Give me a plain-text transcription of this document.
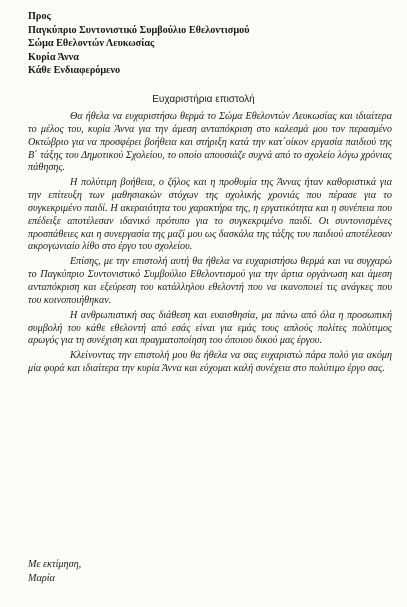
Προς
Παγκύπριο Συντονιστικό Συμβούλιο Εθελοντισμού
Σώμα Εθελοντών Λευκωσίας
Κυρία Άννα
Κάθε Ενδιαφερόμενο
Ευχαριστήρια επιστολή

Θα ήθελα να ευχαριστήσω θερμά το Σώμα Εθελοντών Λευκωσίας και ιδιαίτερα το μέλος του, κυρία Άννα για την άμεση ανταπόκριση στο καλεσμά μου τον περασμένο Οκτώβριο για να προσφέρει βοήθεια και στήριξη κατά την κατ΄οίκον εργασία παιδιού της Β΄ τάξης του Δημοτικού Σχολείου, το οποίο απουσιάζε συχνά από το σχολείο λόγω χρόνιας πάθησης.

Η πολύτιμη βοήθεια, ο ζήλος και η προθυμία της Άννας ήταν καθοριστικά για την επίτευξη των μαθησιακών στόχων της σχολικής χρονιάς που πέρασε για το συγκεκριμένο παιδί. Η ακεραιότητα του χαρακτήρα της, η εργατικότητα και η συνέπεια που επέδειξε αποτέλεσαν ιδανικό πρότυπο για το συγκεκριμένο παιδί. Οι συντονισμένες προσπάθειες και η συνεργασία της μαζί μου ως δασκάλα της τάξης του παιδιού αποτέλεσαν ακρογωνιαίο λίθο στο έργο του σχολείου.

Επίσης, με την επιστολή αυτή θα ήθελα να ευχαριστήσω θερμά και να συγχαρώ το Παγκύπριο Συντονιστικό Συμβούλιο Εθελοντισμού για την άρτια οργάνωση και άμεση ανταπόκριση και εξεύρεση του κατάλληλου εθελοντή που να ικανοποιεί τις ανάγκες που του κοινοποιήθηκαν.

Η ανθρωπιστική σας διάθεση και ευαισθησία, μα πάνω από όλα η προσωπική συμβολή του κάθε εθελοντή από εσάς είναι για εμάς τους απλούς πολίτες πολύτιμος αρωγός για τη συνέχιση και πραγματοποίηση του όποιου δικού μας έργου.

Κλείνοντας την επιστολή μου θα ήθελα να σας ευχαριστώ πάρα πολύ για ακόμη μία φορά και ιδιαίτερα την κυρία Άννα και εύχομαι καλή συνέχεια στο πολύτιμο έργο σας.

Με εκτίμηση,
Μαρία
